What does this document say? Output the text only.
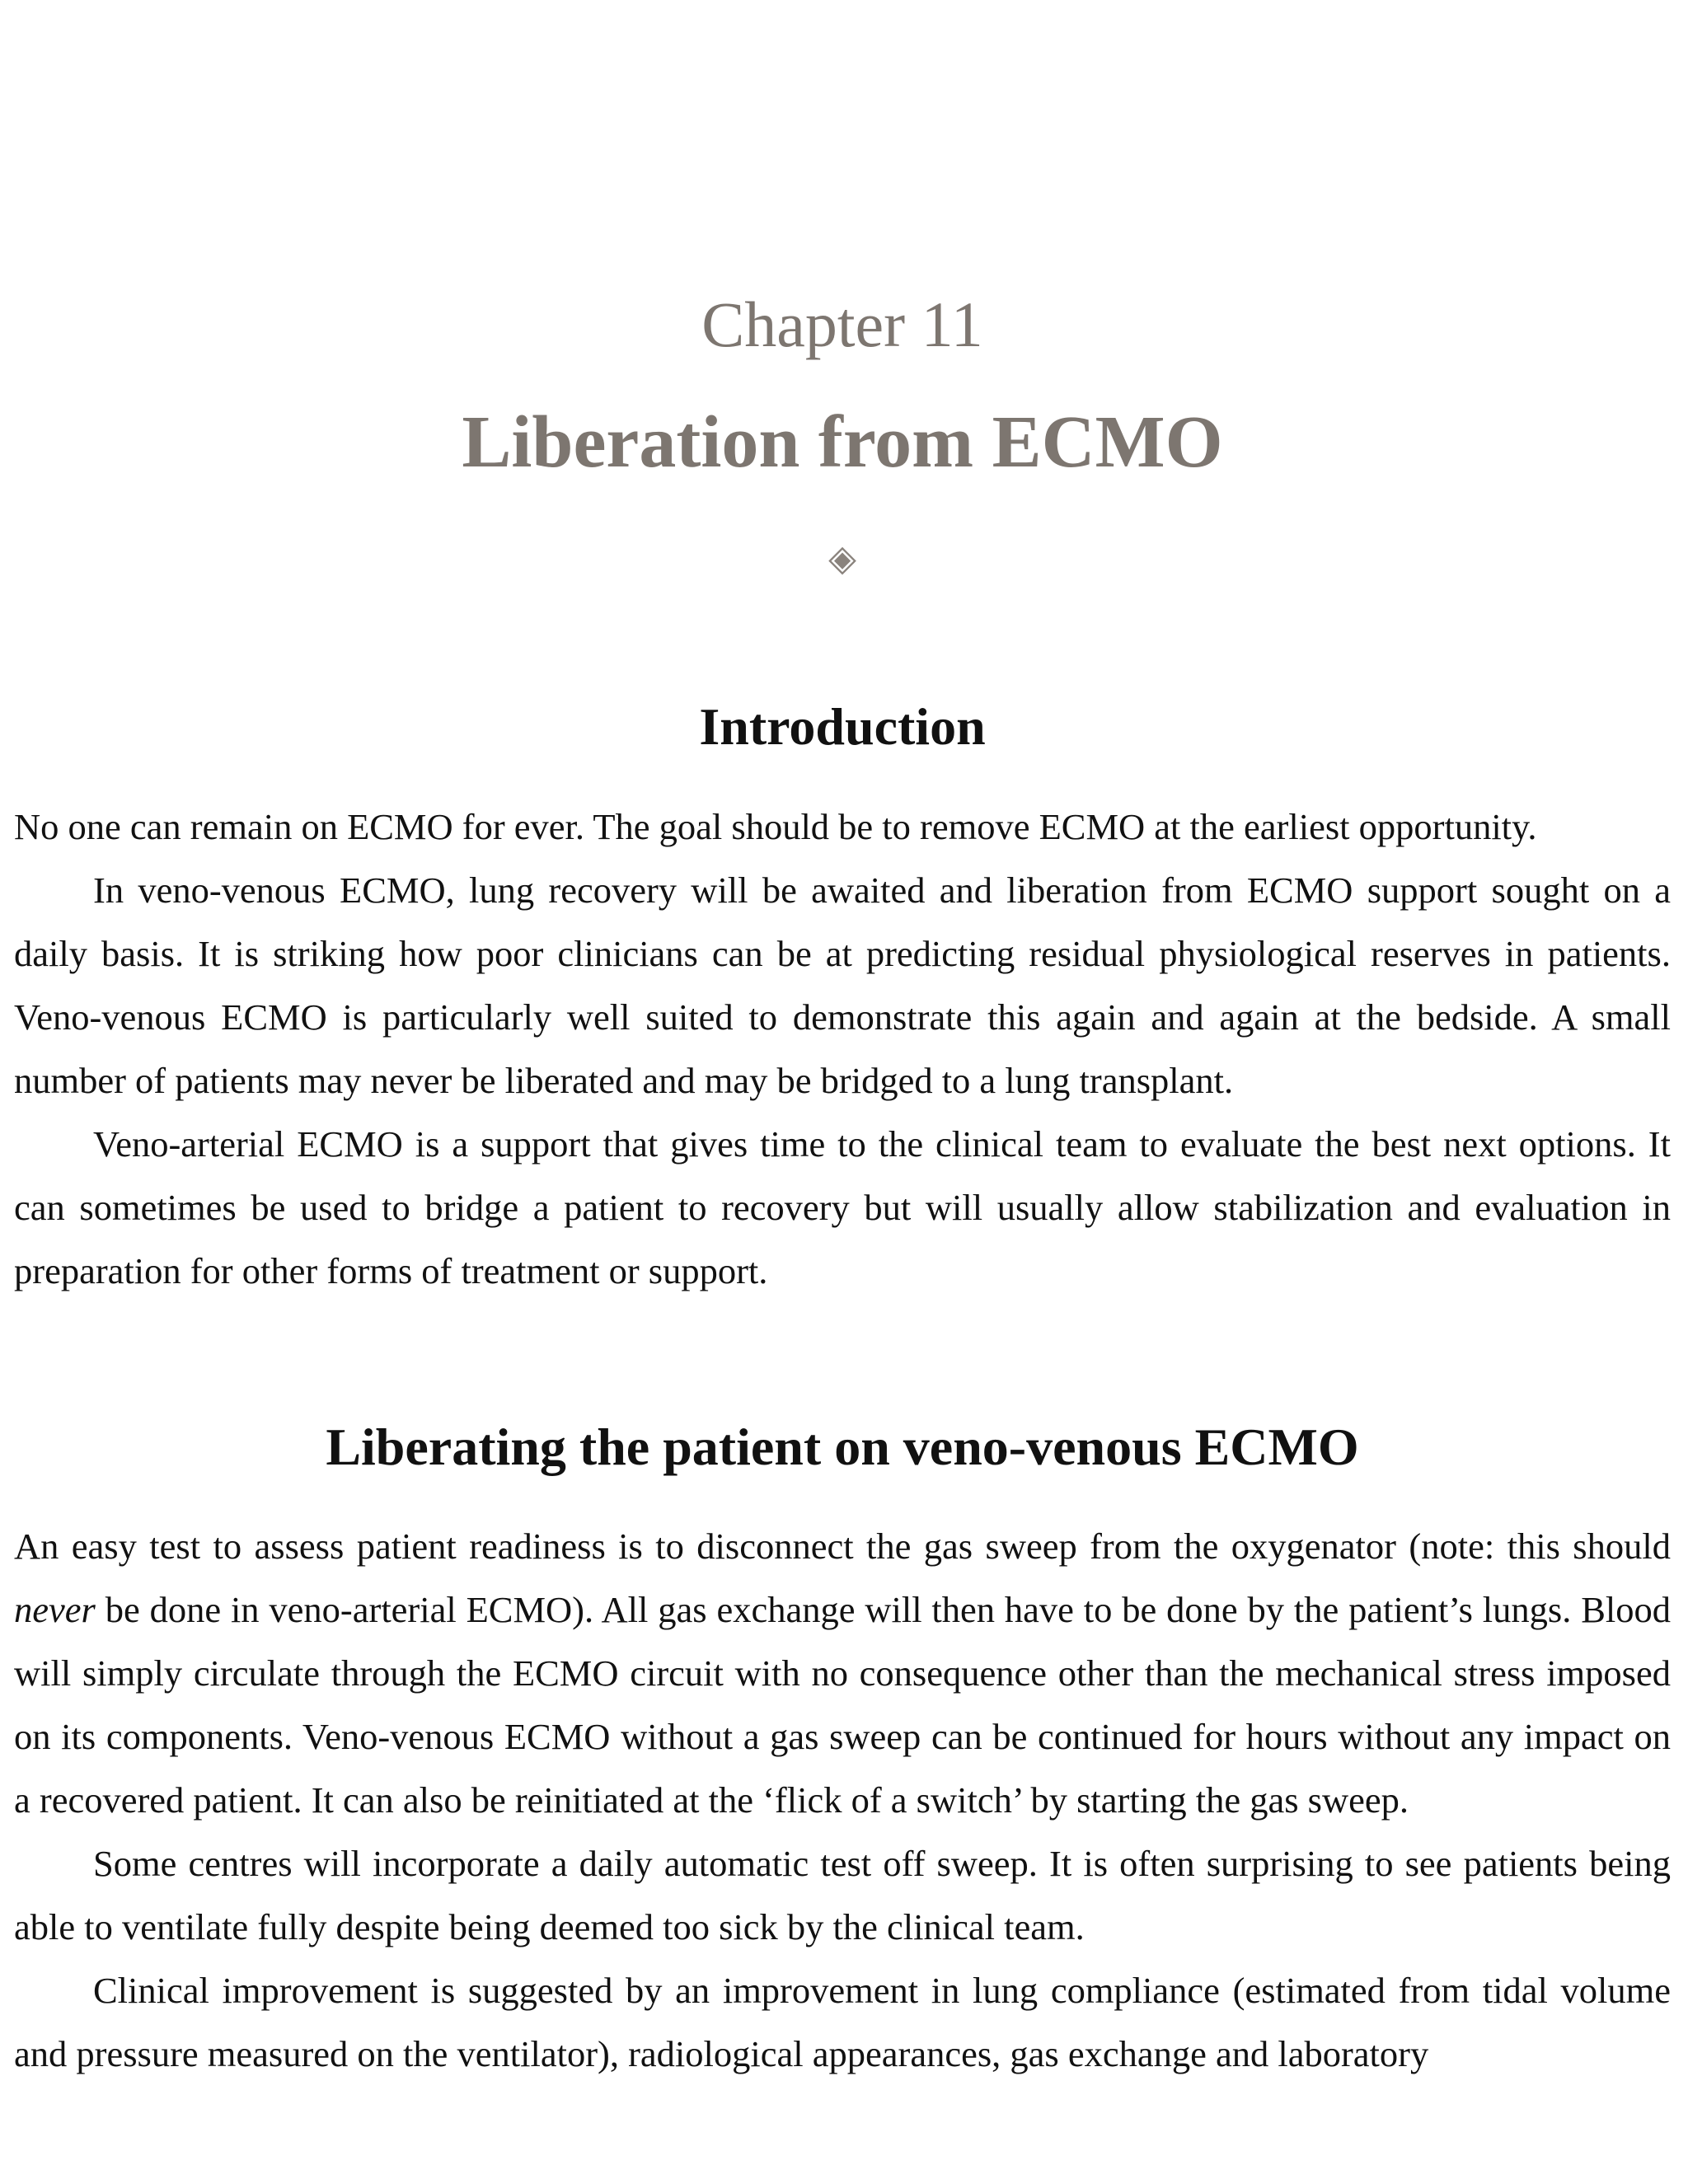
Chapter 11
Liberation from ECMO
◈
Introduction

No one can remain on ECMO for ever. The goal should be to remove ECMO at the earliest opportunity.

In veno-venous ECMO, lung recovery will be awaited and liberation from ECMO support sought on a daily basis. It is striking how poor clinicians can be at predicting residual physiological reserves in patients. Veno-venous ECMO is particularly well suited to demonstrate this again and again at the bedside. A small number of patients may never be liberated and may be bridged to a lung transplant.

Veno-arterial ECMO is a support that gives time to the clinical team to evaluate the best next options. It can sometimes be used to bridge a patient to recovery but will usually allow stabilization and evaluation in preparation for other forms of treatment or support.

Liberating the patient on veno-venous ECMO

An easy test to assess patient readiness is to disconnect the gas sweep from the oxygenator (note: this should never be done in veno-arterial ECMO). All gas exchange will then have to be done by the patient’s lungs. Blood will simply circulate through the ECMO circuit with no consequence other than the mechanical stress imposed on its components. Veno-venous ECMO without a gas sweep can be continued for hours without any impact on a recovered patient. It can also be reinitiated at the ‘flick of a switch’ by starting the gas sweep.

Some centres will incorporate a daily automatic test off sweep. It is often surprising to see patients being able to ventilate fully despite being deemed too sick by the clinical team.

Clinical improvement is suggested by an improvement in lung compliance (estimated from tidal volume and pressure measured on the ventilator), radiological appearances, gas exchange and laboratory
